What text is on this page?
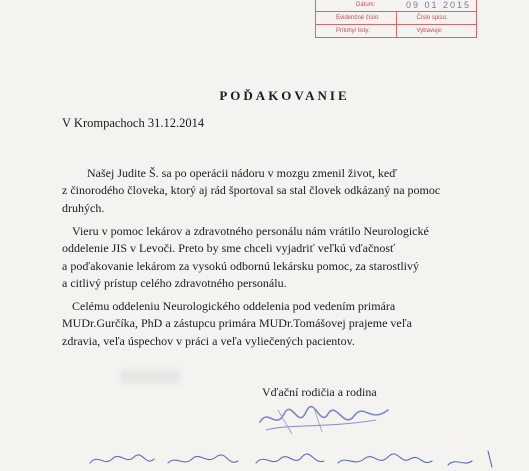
Dátum:	09 01 2015
Evidenčné číslo:	Číslo spisu:
Prílohy/ listy:	Vybavuje:
POĎAKOVANIE
V Krompachoch 31.12.2014
Našej Judite Š. sa po operácii nádoru v mozgu zmenil život, keď
z činorodého človeka, ktorý aj rád športoval sa stal človek odkázaný na pomoc
druhých.
Vieru v pomoc lekárov a zdravotného personálu nám vrátilo Neurologické
oddelenie JIS v Levoči. Preto by sme chceli vyjadriť veľkú vďačnosť
a poďakovanie lekárom za vysokú odbornú lekársku pomoc, za starostlivý
a citlivý prístup celého zdravotného personálu.
Celému oddeleniu Neurologického oddelenia pod vedením primára
MUDr.Gurčíka, PhD a zástupcu primára MUDr.Tomášovej prajeme veľa
zdravia, veľa úspechov v práci a veľa vyliečených pacientov.
Vďační rodičia a rodina
